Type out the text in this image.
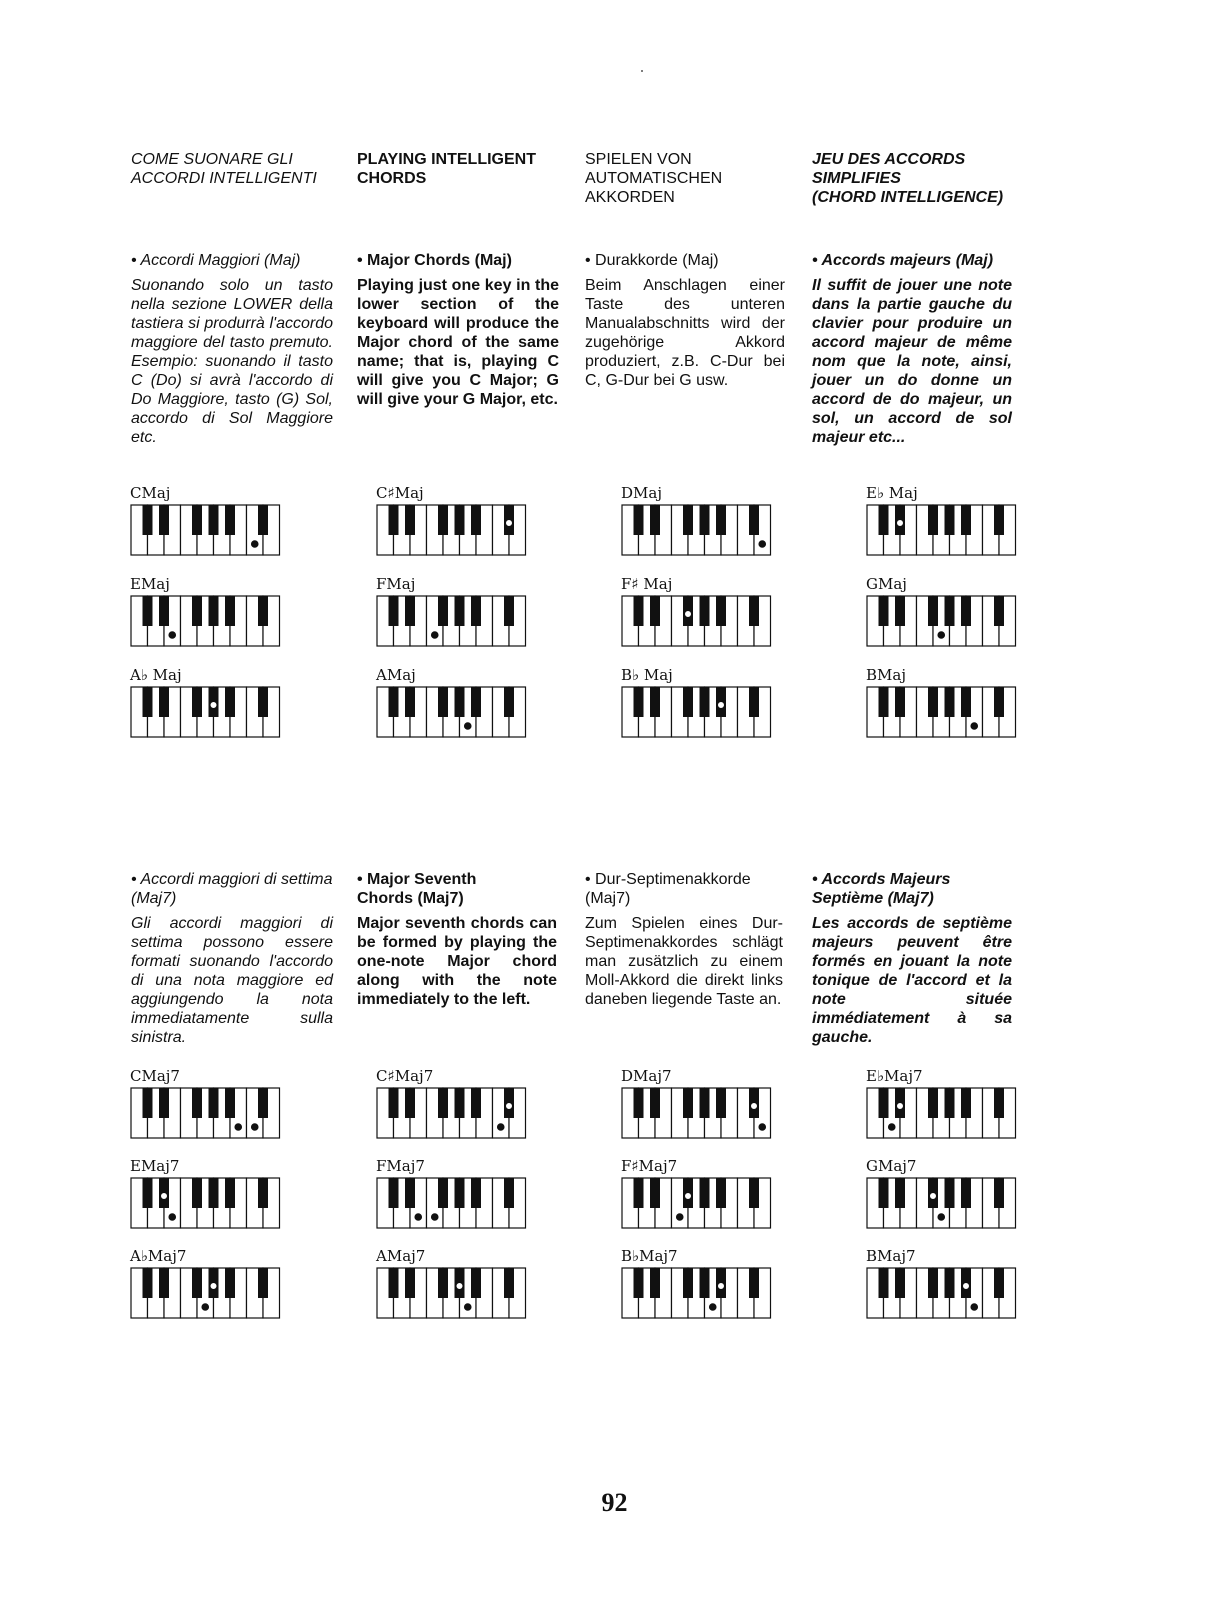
COME SUONARE GLI
ACCORDI INTELLIGENTI
PLAYING INTELLIGENT
CHORDS
SPIELEN VON
AUTOMATISCHEN
AKKORDEN
JEU DES ACCORDS
SIMPLIFIES
(CHORD INTELLIGENCE)
• Accordi Maggiori (Maj)
Suonando solo un tasto nella sezione LOWER della tastiera si produrrà l'accordo maggiore del tasto premuto. Esempio: suonando il tasto C (Do) si avrà l'accordo di Do Maggiore, tasto (G) Sol, accordo di Sol Maggiore etc.
• Major Chords (Maj)
Playing just one key in the lower section of the keyboard will produce the Major chord of the same name; that is, playing C will give you C Major; G will give your G Major, etc.
• Durakkorde (Maj)
Beim Anschlagen einer Taste des unteren Manualabschnitts wird der zugehörige Akkord produziert, z.B. C-Dur bei C, G-Dur bei G usw.
• Accords majeurs (Maj)
Il suffit de jouer une note dans la partie gauche du clavier pour produire un accord majeur de même nom que la note, ainsi, jouer un do donne un accord de do majeur, un sol, un accord de sol majeur etc...
CMaj	C♯Maj	DMaj	E♭ Maj
EMaj	FMaj	F♯ Maj	GMaj
A♭ Maj	AMaj	B♭ Maj	BMaj
• Accordi maggiori di settima (Maj7)
Gli accordi maggiori di settima possono essere formati suonando l'accordo di una nota maggiore ed aggiungendo la nota immediatamente sulla sinistra.
• Major Seventh
Chords (Maj7)
Major seventh chords can be formed by playing the one-note Major chord along with the note immediately to the left.
• Dur-Septimenakkorde
(Maj7)
Zum Spielen eines Dur-Septimenakkordes schlägt man zusätzlich zu einem Moll-Akkord die direkt links daneben liegende Taste an.
• Accords Majeurs Septième (Maj7)
Les accords de septième majeurs peuvent être formés en jouant la note tonique de l'accord et la note située immédiatement à sa gauche.
CMaj7	C♯Maj7	DMaj7	E♭Maj7
EMaj7	FMaj7	F♯Maj7	GMaj7
A♭Maj7	AMaj7	B♭Maj7	BMaj7
92
